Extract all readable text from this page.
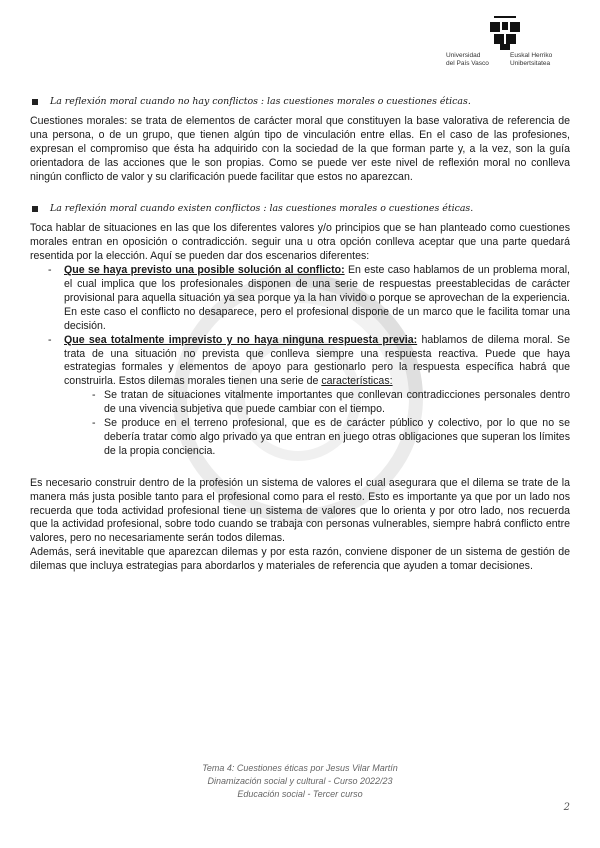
Universidad
del País Vasco
Euskal Herriko
Unibertsitatea
La reflexión moral cuando no hay conflictos : las cuestiones morales o cuestiones éticas.

Cuestiones morales: se trata de elementos de carácter moral que constituyen la base valorativa de referencia de una persona, o de un grupo, que tienen algún tipo de vinculación entre ellas. En el caso de las profesiones, expresan el compromiso que ésta ha adquirido con la sociedad de la que forman parte y, a la vez, son la guía orientadora de las acciones que le son propias. Como se puede ver este nivel de reflexión moral no conlleva ningún conflicto de valor y su clarificación puede facilitar que estos no aparezcan.

La reflexión moral cuando existen conflictos : las cuestiones morales o cuestiones éticas.

Toca hablar de situaciones en las que los diferentes valores y/o principios que se han planteado como cuestiones morales entran en oposición o contradicción. seguir una u otra opción conlleva aceptar que una parte quedará resentida por la elección. Aquí se pueden dar dos escenarios diferentes:

- Que se haya previsto una posible solución al conflicto: En este caso hablamos de un problema moral, el cual implica que los profesionales disponen de una serie de respuestas preestablecidas de carácter provisional para aquella situación ya sea porque ya la han vivido o porque se aprovechan de la experiencia. En este caso el conflicto no desaparece, pero el profesional dispone de un marco que le facilita tomar una decisión.
- Que sea totalmente imprevisto y no haya ninguna respuesta previa: hablamos de dilema moral. Se trata de una situación no prevista que conlleva siempre una respuesta reactiva. Puede que haya estrategias formales y elementos de apoyo para gestionarlo pero la respuesta específica habrá que construirla. Estos dilemas morales tienen una serie de características:
- Se tratan de situaciones vitalmente importantes que conllevan contradicciones personales dentro de una vivencia subjetiva que puede cambiar con el tiempo.
- Se produce en el terreno profesional, que es de carácter público y colectivo, por lo que no se debería tratar como algo privado ya que entran en juego otras obligaciones que superan los límites de la propia conciencia.

Es necesario construir dentro de la profesión un sistema de valores el cual asegurara que el dilema se trate de la manera más justa posible tanto para el profesional como para el resto. Esto es importante ya que por un lado nos recuerda que toda actividad profesional tiene un sistema de valores que lo orienta y por otro lado, nos recuerda que la actividad profesional, sobre todo cuando se trabaja con personas vulnerables, siempre habrá conflicto entre valores, pero no necesariamente serán todos dilemas.

Además, será inevitable que aparezcan dilemas y por esta razón, conviene disponer de un sistema de gestión de dilemas que incluya estrategias para abordarlos y materiales de referencia que ayuden a tomar decisiones.

Tema 4: Cuestiones éticas por Jesus Vilar Martín
Dinamización social y cultural - Curso 2022/23
Educación social - Tercer curso
2
